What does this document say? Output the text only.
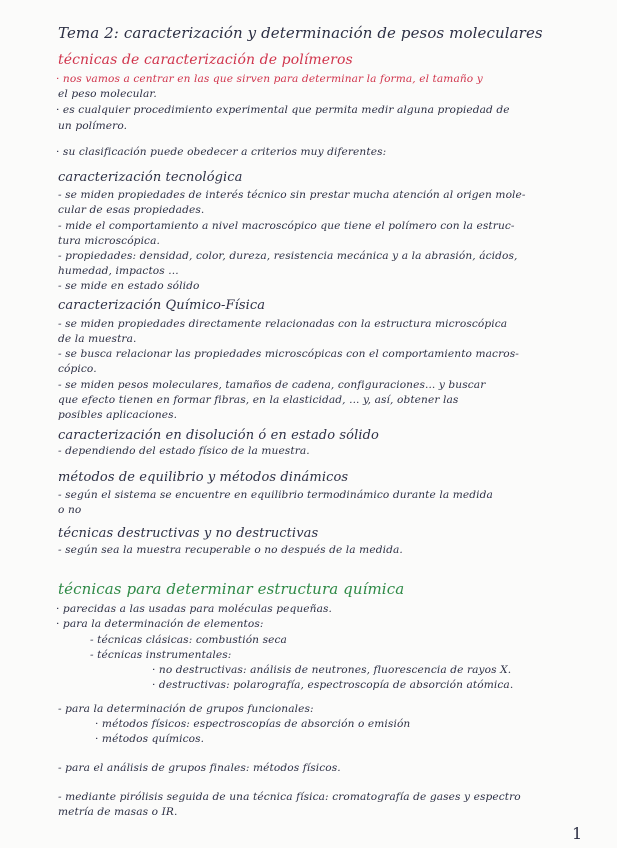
Tema 2: caracterización y determinación de pesos moleculares

técnicas de caracterización de polímeros

· nos vamos a centrar en las que sirven para determinar la forma, el tamaño y

el peso molecular.

· es cualquier procedimiento experimental que permita medir alguna propiedad de

un polímero.

· su clasificación puede obedecer a criterios muy diferentes:

caracterización tecnológica

- se miden propiedades de interés técnico sin prestar mucha atención al origen mole-

cular de esas propiedades.

- mide el comportamiento a nivel macroscópico que tiene el polímero con la estruc-

tura microscópica.

- propiedades: densidad, color, dureza, resistencia mecánica y a la abrasión, ácidos,

humedad, impactos ...

- se mide en estado sólido

caracterización Químico-Física

- se miden propiedades directamente relacionadas con la estructura microscópica

de la muestra.

- se busca relacionar las propiedades microscópicas con el comportamiento macros-

cópico.

- se miden pesos moleculares, tamaños de cadena, configuraciones... y buscar

que efecto tienen en formar fibras, en la elasticidad, ... y, así, obtener las

posibles aplicaciones.

caracterización en disolución ó en estado sólido

- dependiendo del estado físico de la muestra.

métodos de equilibrio y métodos dinámicos

- según el sistema se encuentre en equilibrio termodinámico durante la medida

o no

técnicas destructivas y no destructivas

- según sea la muestra recuperable o no después de la medida.

técnicas para determinar estructura química

· parecidas a las usadas para moléculas pequeñas.

· para la determinación de elementos:

- técnicas clásicas: combustión seca

- técnicas instrumentales:

· no destructivas: análisis de neutrones, fluorescencia de rayos X.

· destructivas: polarografía, espectroscopía de absorción atómica.

- para la determinación de grupos funcionales:

· métodos físicos: espectroscopías de absorción o emisión

· métodos químicos.

- para el análisis de grupos finales: métodos físicos.

- mediante pirólisis seguida de una técnica física: cromatografía de gases y espectro

metría de masas o IR.

1
